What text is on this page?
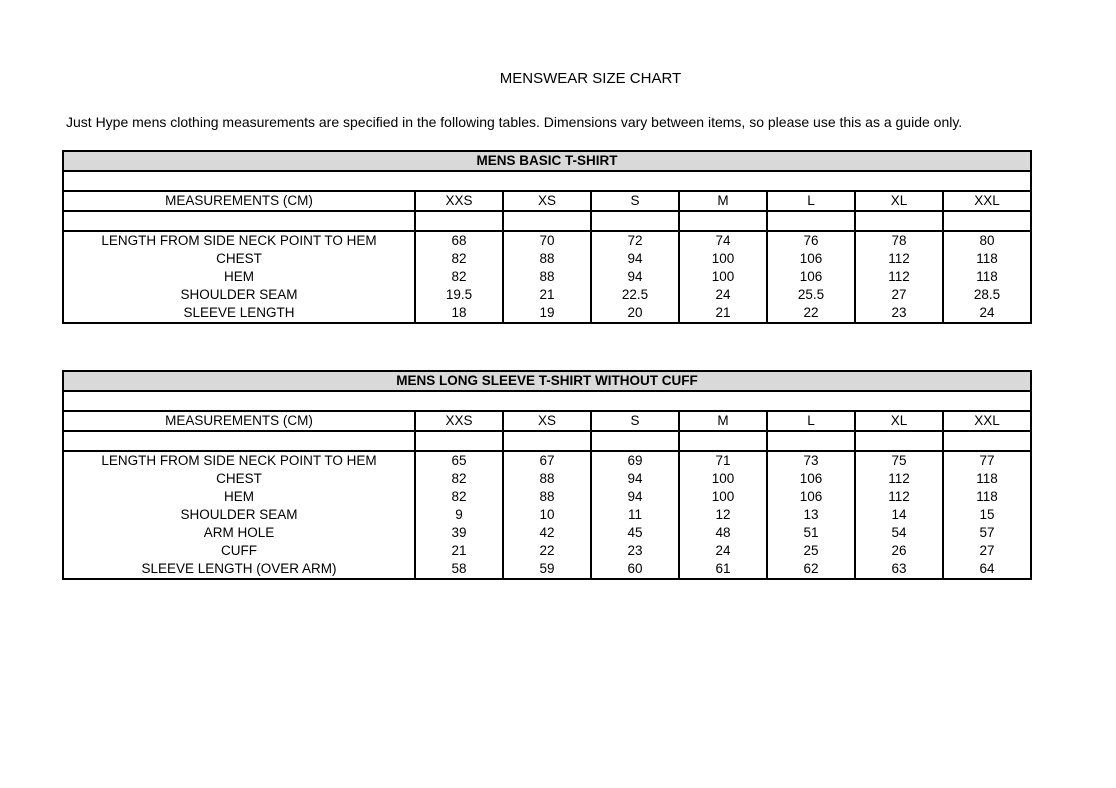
MENSWEAR SIZE CHART
Just Hype mens clothing measurements are specified in the following tables. Dimensions vary between items, so please use this as a guide only.
MENS BASIC T-SHIRT							

MEASUREMENTS (CM)	XXS	XS	S	M	L	XL	XXL

LENGTH FROM SIDE NECK POINT TO HEM	68	70	72	74	76	78	80
CHEST	82	88	94	100	106	112	118
HEM	82	88	94	100	106	112	118
SHOULDER SEAM	19.5	21	22.5	24	25.5	27	28.5
SLEEVE LENGTH	18	19	20	21	22	23	24
MENS LONG SLEEVE T-SHIRT WITHOUT CUFF							

MEASUREMENTS (CM)	XXS	XS	S	M	L	XL	XXL

LENGTH FROM SIDE NECK POINT TO HEM	65	67	69	71	73	75	77
CHEST	82	88	94	100	106	112	118
HEM	82	88	94	100	106	112	118
SHOULDER SEAM	9	10	11	12	13	14	15
ARM HOLE	39	42	45	48	51	54	57
CUFF	21	22	23	24	25	26	27
SLEEVE LENGTH (OVER ARM)	58	59	60	61	62	63	64
